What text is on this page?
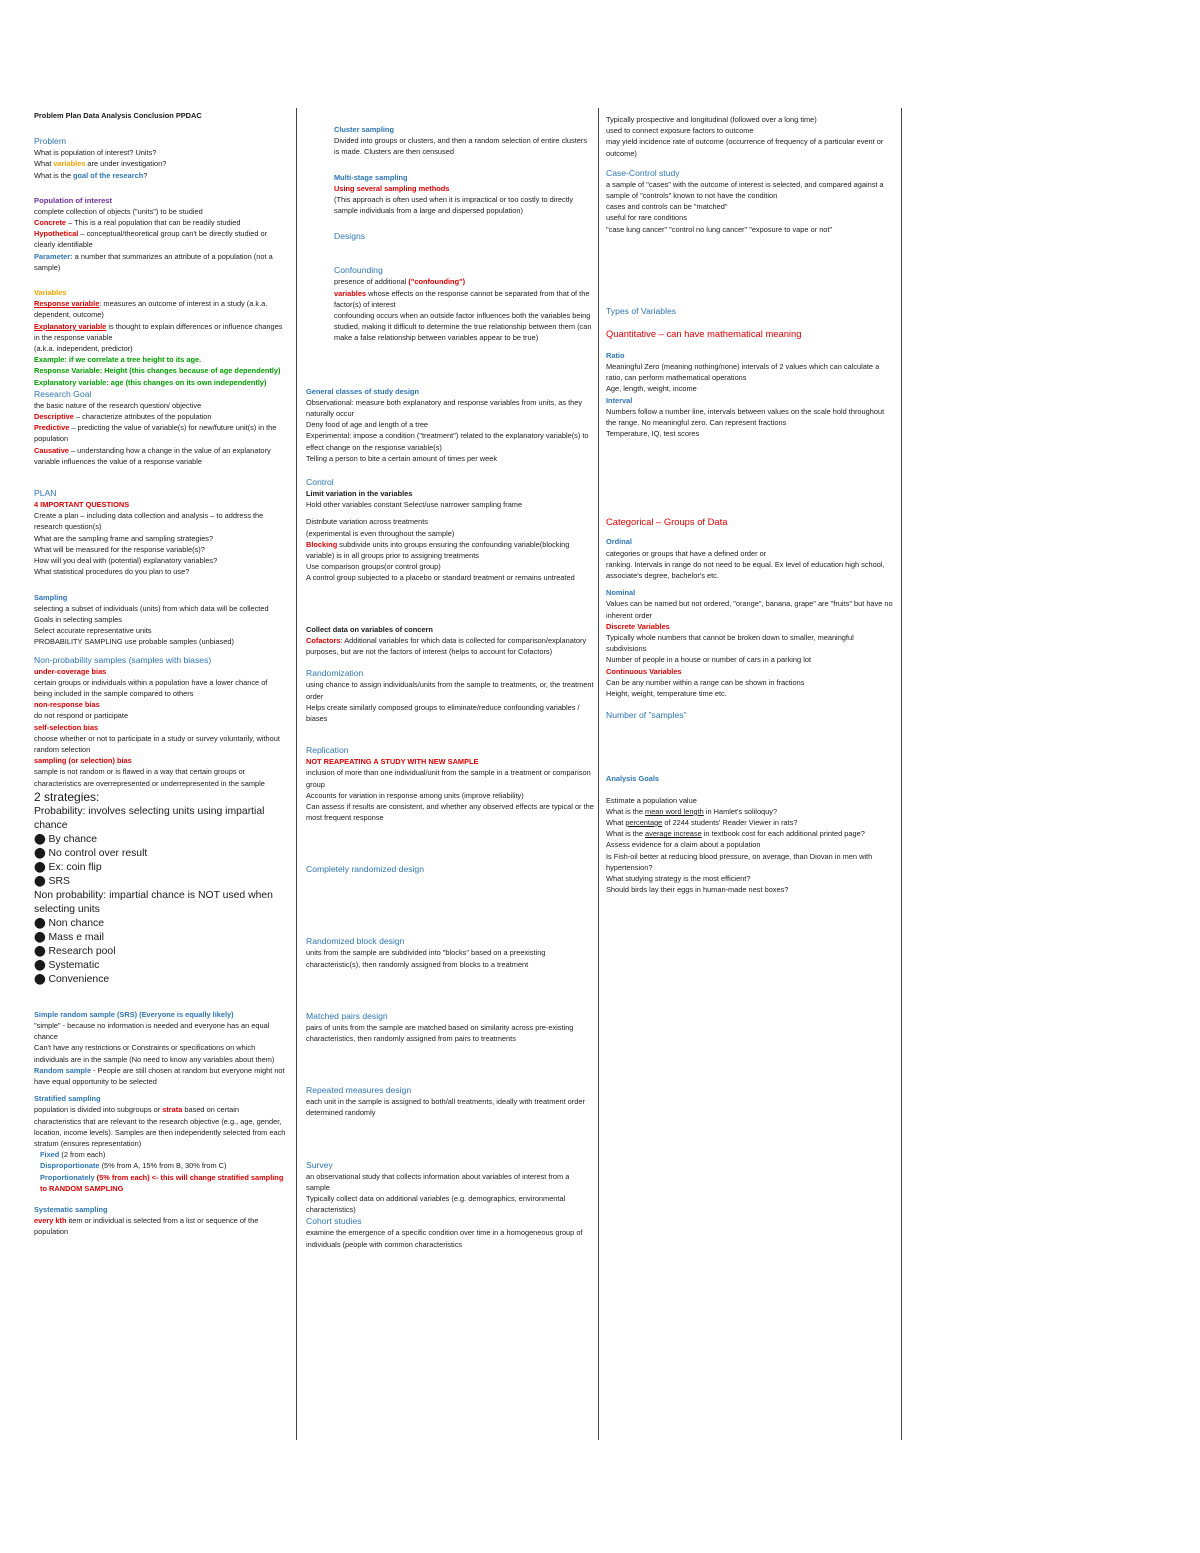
Problem Plan Data Analysis Conclusion PPDAC

Problem

What is population of interest? Units?

What variables are under investigation?

What is the goal of the research?

Population of interest

complete collection of objects ("units") to be studied

Concrete – This is a real population that can be readily studied

Hypothetical – conceptual/theoretical group can't be directly studied or clearly identifiable

Parameter: a number that summarizes an attribute of a population (not a sample)

Variables

Response variable: measures an outcome of interest in a study (a.k.a. dependent, outcome)

Explanatory variable is thought to explain differences or influence changes in the response variable

(a.k.a. independent, predictor)

Example: if we correlate a tree height to its age.

Response Variable: Height (this changes because of age dependently)

Explanatory variable: age (this changes on its own independently)

Research Goal

the basic nature of the research question/ objective

Descriptive – characterize attributes of the population

Predictive – predicting the value of variable(s) for new/future unit(s) in the population

Causative – understanding how a change in the value of an explanatory variable influences the value of a response variable

PLAN

4 IMPORTANT QUESTIONS

Create a plan – including data collection and analysis – to address the research question(s)

What are the sampling frame and sampling strategies?

What will be measured for the response variable(s)?

How will you deal with (potential) explanatory variables?

What statistical procedures do you plan to use?

Sampling

selecting a subset of individuals (units) from which data will be collected

Goals in selecting samples

Select accurate representative units

PROBABILITY SAMPLING use probable samples (unbiased)

Non-probability samples (samples with biases)

under-coverage bias

certain groups or individuals within a population have a lower chance of being included in the sample compared to others

non-response bias

do not respond or participate

self-selection bias

choose whether or not to participate in a study or survey voluntarily, without random selection

sampling (or selection) bias

sample is not random or is flawed in a way that certain groups or characteristics are overrepresented or underrepresented in the sample

2 strategies:

Probability: involves selecting units using impartial chance

⬤ By chance

⬤ No control over result

⬤ Ex: coin flip

⬤ SRS

Non probability: impartial chance is NOT used when selecting units

⬤ Non chance

⬤ Mass e mail

⬤ Research pool

⬤ Systematic

⬤ Convenience

Simple random sample (SRS) (Everyone is equally likely)

"simple" - because no information is needed and everyone has an equal chance

Can't have any restrictions or Constraints or specifications on which individuals are in the sample (No need to know any variables about them)

Random sample - People are still chosen at random but everyone might not have equal opportunity to be selected

Stratified sampling

population is divided into subgroups or strata based on certain characteristics that are relevant to the research objective (e.g., age, gender, location, income levels). Samples are then independently selected from each stratum (ensures representation)

Fixed (2 from each)

Disproportionate (5% from A, 15% from B, 30% from C)

Proportionately (5% from each) <- this will change stratified sampling to RANDOM SAMPLING

Systematic sampling

every kth item or individual is selected from a list or sequence of the population

Cluster sampling

Divided into groups or clusters, and then a random selection of entire clusters is made. Clusters are then censused

Multi-stage sampling

Using several sampling methods

(This approach is often used when it is impractical or too costly to directly sample individuals from a large and dispersed population)

Designs

Confounding

presence of additional ("confounding")

variables whose effects on the response cannot be separated from that of the factor(s) of interest

confounding occurs when an outside factor influences both the variables being studied, making it difficult to determine the true relationship between them (can make a false relationship between variables appear to be true)

General classes of study design

Observational: measure both explanatory and response variables from units, as they naturally occur

Deny food of age and length of a tree

Experimental: impose a condition ("treatment") related to the explanatory variable(s) to effect change on the response variable(s)

Telling a person to bite a certain amount of times per week

Control

Limit variation in the variables

Hold other variables constant Select/use narrower sampling frame

Distribute variation across treatments

(experimental is even throughout the sample)

Blocking subdivide units into groups ensuring the confounding variable(blocking variable) is in all groups prior to assigning treatments

Use comparison groups(or control group)

A control group subjected to a placebo or standard treatment or remains untreated

Collect data on variables of concern

Cofactors: Additional variables for which data is collected for comparison/explanatory purposes, but are not the factors of interest (helps to account for Cofactors)

Randomization

using chance to assign individuals/units from the sample to treatments, or, the treatment order

Helps create similarly composed groups to eliminate/reduce confounding variables / biases

Replication

NOT REAPEATING A STUDY WITH NEW SAMPLE

inclusion of more than one individual/unit from the sample in a treatment or comparison group

Accounts for variation in response among units (improve reliability)

Can assess if results are consistent, and whether any observed effects are typical or the most frequent response

Completely randomized design

Randomized block design

units from the sample are subdivided into "blocks" based on a preexisting characteristic(s), then randomly assigned from blocks to a treatment

Matched pairs design

pairs of units from the sample are matched based on similarity across pre-existing characteristics, then randomly assigned from pairs to treatments

Repeated measures design

each unit in the sample is assigned to both/all treatments, ideally with treatment order determined randomly

Survey

an observational study that collects information about variables of interest from a sample

Typically collect data on additional variables (e.g. demographics, environmental characteristics)

Cohort studies

examine the emergence of a specific condition over time in a homogeneous group of individuals (people with common characteristics

Typically prospective and longitudinal (followed over a long time)

used to connect exposure factors to outcome

may yield incidence rate of outcome (occurrence of frequency of a particular event or outcome)

Case-Control study

a sample of "cases" with the outcome of interest is selected, and compared against a sample of "controls" known to not have the condition

cases and controls can be "matched"

useful for rare conditions

"case lung cancer" "control no lung cancer" "exposure to vape or not"

Types of Variables

Quantitative – can have mathematical meaning

Ratio

Meaningful Zero (meaning nothing/none) intervals of 2 values which can calculate a ratio, can perform mathematical operations

Age, length, weight, income

Interval

Numbers follow a number line, intervals between values on the scale hold throughout the range. No meaningful zero. Can represent fractions

Temperature, IQ, test scores

Categorical – Groups of Data

Ordinal

categories or groups that have a defined order or

ranking. Intervals in range do not need to be equal. Ex level of education high school, associate's degree, bachelor's etc.

Nominal

Values can be named but not ordered, "orange", banana, grape" are "fruits" but have no inherent order

Discrete Variables

Typically whole numbers that cannot be broken down to smaller, meaningful subdivisions

Number of people in a house or number of cars in a parking lot

Continuous Variables

Can be any number within a range can be shown in fractions

Height, weight, temperature time etc.

Number of "samples"

Analysis Goals

Estimate a population value

What is the mean word length in Hamlet's soliloquy?

What percentage of 2244 students' Reader Viewer in rats?

What is the average increase in textbook cost for each additional printed page?

Assess evidence for a claim about a population

Is Fish-oil better at reducing blood pressure, on average, than Diovan in men with hypertension?

What studying strategy is the most efficient?

Should birds lay their eggs in human-made nest boxes?
